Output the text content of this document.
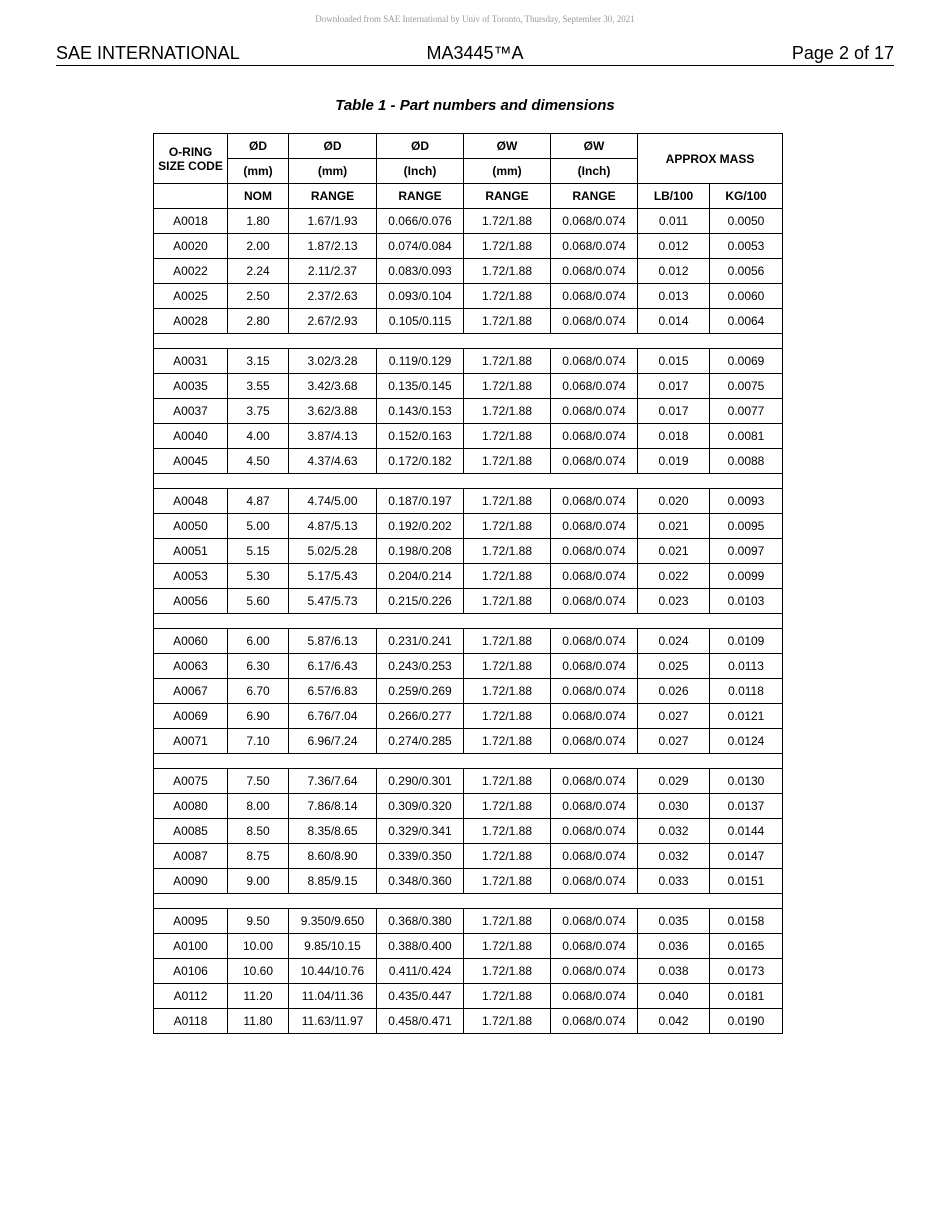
Downloaded from SAE International by Univ of Toronto, Thursday, September 30, 2021
SAE INTERNATIONAL	MA3445™A	Page 2 of 17
Table 1 - Part numbers and dimensions
O-RING SIZE CODE	ØD	ØD	ØD	ØW	ØW	APPROX MASS	
	(mm)	(mm)	(Inch)	(mm)	(Inch)		
	NOM	RANGE	RANGE	RANGE	RANGE	LB/100	KG/100
A0018	1.80	1.67/1.93	0.066/0.076	1.72/1.88	0.068/0.074	0.011	0.0050
A0020	2.00	1.87/2.13	0.074/0.084	1.72/1.88	0.068/0.074	0.012	0.0053
A0022	2.24	2.11/2.37	0.083/0.093	1.72/1.88	0.068/0.074	0.012	0.0056
A0025	2.50	2.37/2.63	0.093/0.104	1.72/1.88	0.068/0.074	0.013	0.0060
A0028	2.80	2.67/2.93	0.105/0.115	1.72/1.88	0.068/0.074	0.014	0.0064

A0031	3.15	3.02/3.28	0.119/0.129	1.72/1.88	0.068/0.074	0.015	0.0069
A0035	3.55	3.42/3.68	0.135/0.145	1.72/1.88	0.068/0.074	0.017	0.0075
A0037	3.75	3.62/3.88	0.143/0.153	1.72/1.88	0.068/0.074	0.017	0.0077
A0040	4.00	3.87/4.13	0.152/0.163	1.72/1.88	0.068/0.074	0.018	0.0081
A0045	4.50	4.37/4.63	0.172/0.182	1.72/1.88	0.068/0.074	0.019	0.0088

A0048	4.87	4.74/5.00	0.187/0.197	1.72/1.88	0.068/0.074	0.020	0.0093
A0050	5.00	4.87/5.13	0.192/0.202	1.72/1.88	0.068/0.074	0.021	0.0095
A0051	5.15	5.02/5.28	0.198/0.208	1.72/1.88	0.068/0.074	0.021	0.0097
A0053	5.30	5.17/5.43	0.204/0.214	1.72/1.88	0.068/0.074	0.022	0.0099
A0056	5.60	5.47/5.73	0.215/0.226	1.72/1.88	0.068/0.074	0.023	0.0103

A0060	6.00	5.87/6.13	0.231/0.241	1.72/1.88	0.068/0.074	0.024	0.0109
A0063	6.30	6.17/6.43	0.243/0.253	1.72/1.88	0.068/0.074	0.025	0.0113
A0067	6.70	6.57/6.83	0.259/0.269	1.72/1.88	0.068/0.074	0.026	0.0118
A0069	6.90	6.76/7.04	0.266/0.277	1.72/1.88	0.068/0.074	0.027	0.0121
A0071	7.10	6.96/7.24	0.274/0.285	1.72/1.88	0.068/0.074	0.027	0.0124

A0075	7.50	7.36/7.64	0.290/0.301	1.72/1.88	0.068/0.074	0.029	0.0130
A0080	8.00	7.86/8.14	0.309/0.320	1.72/1.88	0.068/0.074	0.030	0.0137
A0085	8.50	8.35/8.65	0.329/0.341	1.72/1.88	0.068/0.074	0.032	0.0144
A0087	8.75	8.60/8.90	0.339/0.350	1.72/1.88	0.068/0.074	0.032	0.0147
A0090	9.00	8.85/9.15	0.348/0.360	1.72/1.88	0.068/0.074	0.033	0.0151

A0095	9.50	9.350/9.650	0.368/0.380	1.72/1.88	0.068/0.074	0.035	0.0158
A0100	10.00	9.85/10.15	0.388/0.400	1.72/1.88	0.068/0.074	0.036	0.0165
A0106	10.60	10.44/10.76	0.411/0.424	1.72/1.88	0.068/0.074	0.038	0.0173
A0112	11.20	11.04/11.36	0.435/0.447	1.72/1.88	0.068/0.074	0.040	0.0181
A0118	11.80	11.63/11.97	0.458/0.471	1.72/1.88	0.068/0.074	0.042	0.0190
